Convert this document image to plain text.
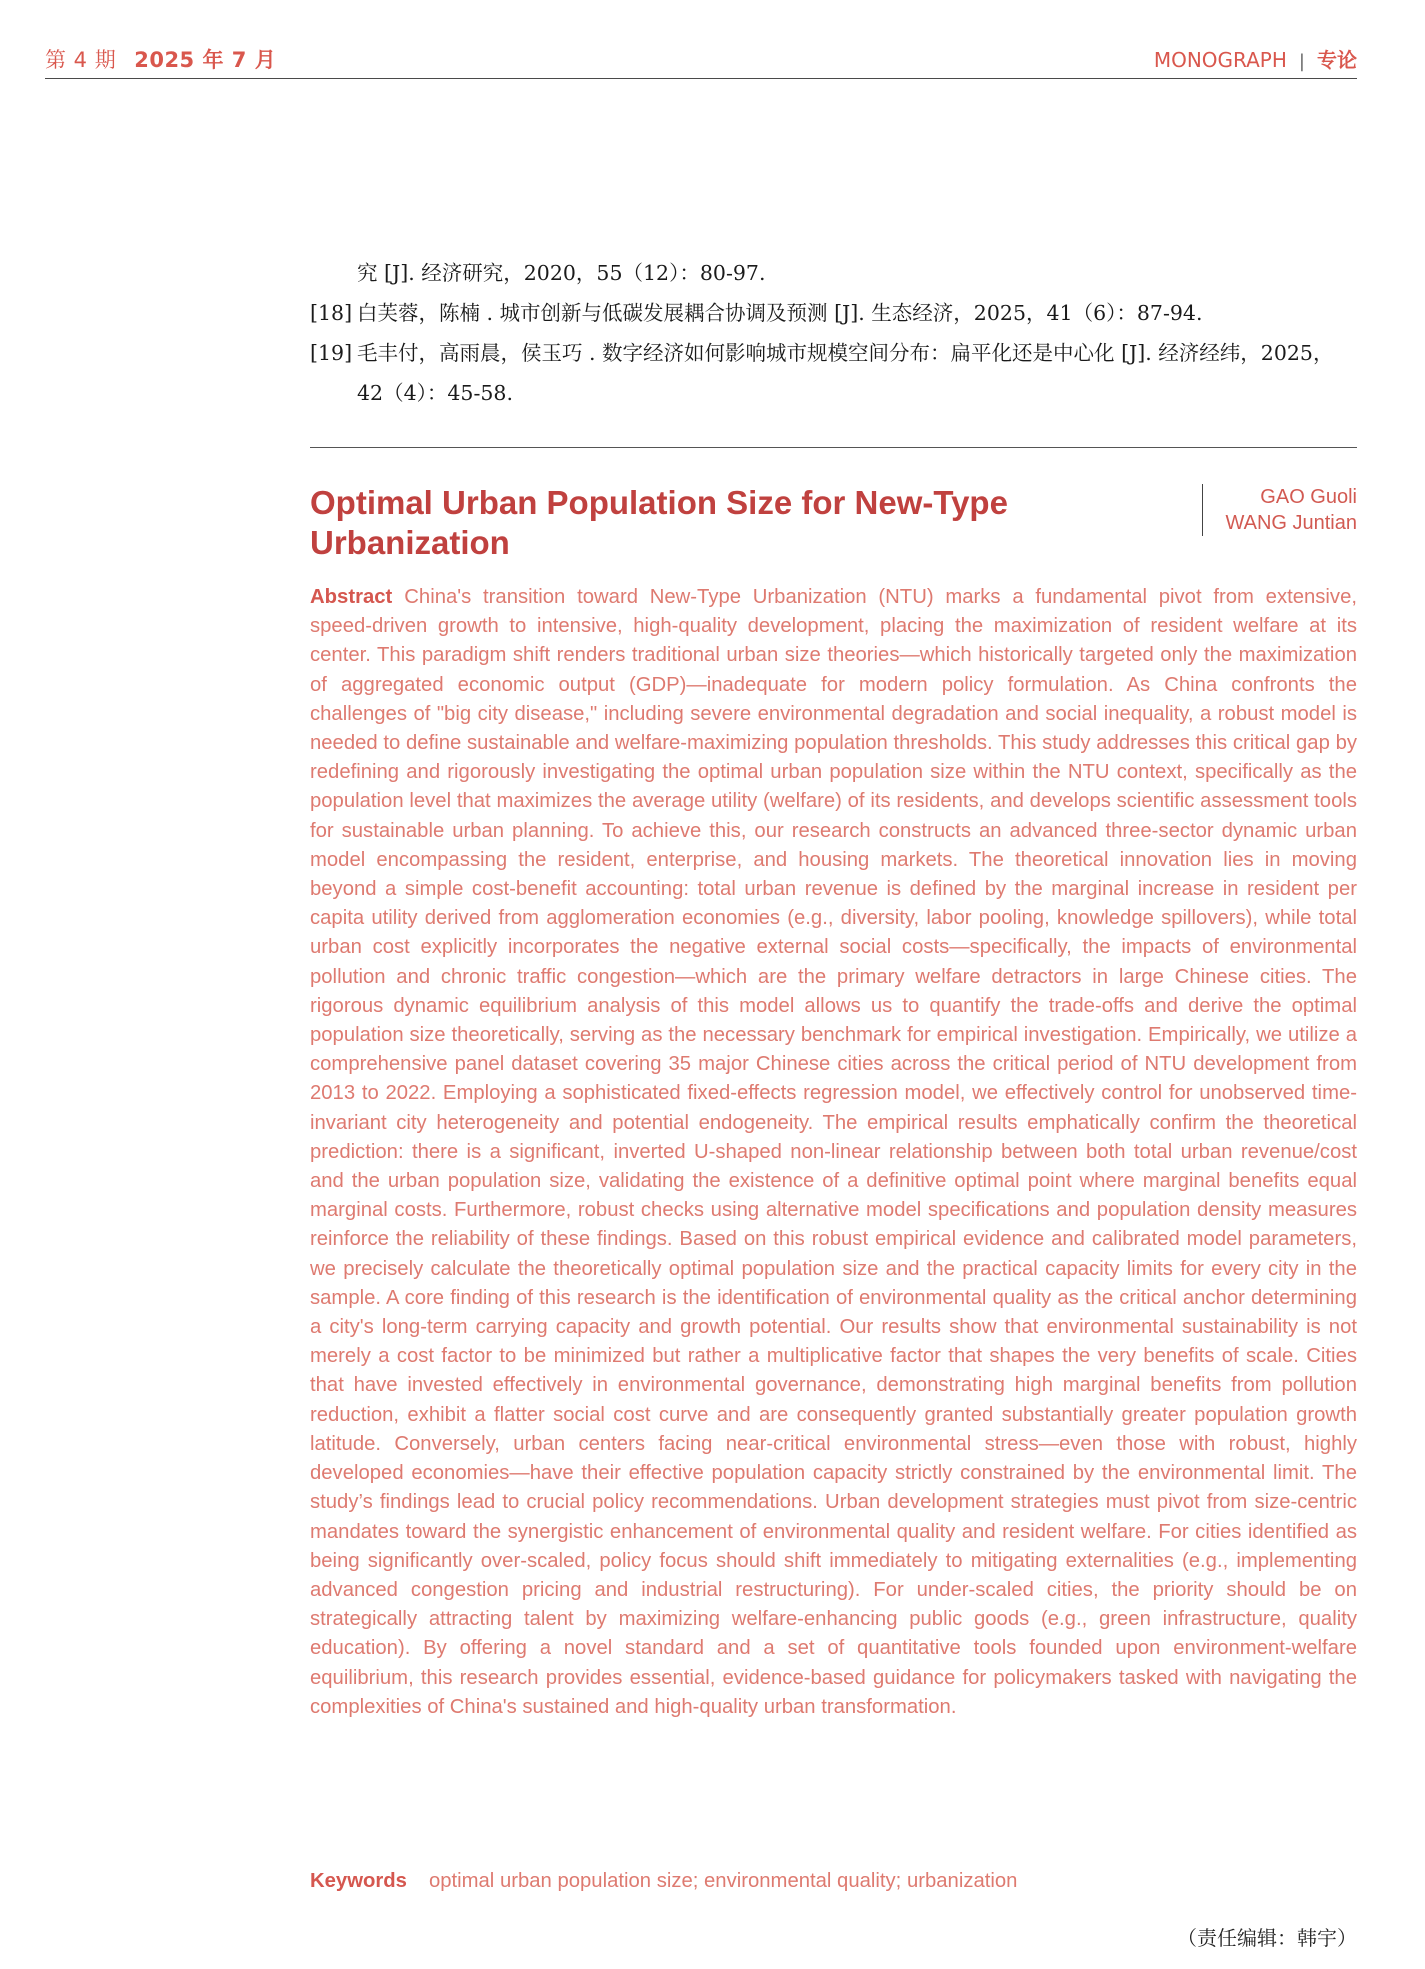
第 4 期 2025 年 7 月	MONOGRAPH | 专论
究 [J]. 经济研究，2020，55（12）：80-97.
[18] 白芙蓉，陈楠 . 城市创新与低碳发展耦合协调及预测 [J]. 生态经济，2025，41（6）：87-94.
[19] 毛丰付，高雨晨，侯玉巧 . 数字经济如何影响城市规模空间分布：扁平化还是中心化 [J]. 经济经纬，2025，42（4）：45-58.
Optimal Urban Population Size for New-Type Urbanization
GAO Guoli
WANG Juntian
Abstract China's transition toward New-Type Urbanization (NTU) marks a fundamental pivot from extensive, speed-driven growth to intensive, high-quality development, placing the maximization of resident welfare at its center. This paradigm shift renders traditional urban size theories—which historically targeted only the maximization of aggregated economic output (GDP)—inadequate for modern policy formulation. As China confronts the challenges of "big city disease," including severe environmental degradation and social inequality, a robust model is needed to define sustainable and welfare-maximizing population thresholds. This study addresses this critical gap by redefining and rigorously investigating the optimal urban population size within the NTU context, specifically as the population level that maximizes the average utility (welfare) of its residents, and develops scientific assessment tools for sustainable urban planning. To achieve this, our research constructs an advanced three-sector dynamic urban model encompassing the resident, enterprise, and housing markets. The theoretical innovation lies in moving beyond a simple cost-benefit accounting: total urban revenue is defined by the marginal increase in resident per capita utility derived from agglomeration economies (e.g., diversity, labor pooling, knowledge spillovers), while total urban cost explicitly incorporates the negative external social costs—specifically, the impacts of environmental pollution and chronic traffic congestion—which are the primary welfare detractors in large Chinese cities. The rigorous dynamic equilibrium analysis of this model allows us to quantify the trade-offs and derive the optimal population size theoretically, serving as the necessary benchmark for empirical investigation. Empirically, we utilize a comprehensive panel dataset covering 35 major Chinese cities across the critical period of NTU development from 2013 to 2022. Employing a sophisticated fixed-effects regression model, we effectively control for unobserved time-invariant city heterogeneity and potential endogeneity. The empirical results emphatically confirm the theoretical prediction: there is a significant, inverted U-shaped non-linear relationship between both total urban revenue/cost and the urban population size, validating the existence of a definitive optimal point where marginal benefits equal marginal costs. Furthermore, robust checks using alternative model specifications and population density measures reinforce the reliability of these findings. Based on this robust empirical evidence and calibrated model parameters, we precisely calculate the theoretically optimal population size and the practical capacity limits for every city in the sample. A core finding of this research is the identification of environmental quality as the critical anchor determining a city's long-term carrying capacity and growth potential. Our results show that environmental sustainability is not merely a cost factor to be minimized but rather a multiplicative factor that shapes the very benefits of scale. Cities that have invested effectively in environmental governance, demonstrating high marginal benefits from pollution reduction, exhibit a flatter social cost curve and are consequently granted substantially greater population growth latitude. Conversely, urban centers facing near-critical environmental stress—even those with robust, highly developed economies—have their effective population capacity strictly constrained by the environmental limit. The study’s findings lead to crucial policy recommendations. Urban development strategies must pivot from size-centric mandates toward the synergistic enhancement of environmental quality and resident welfare. For cities identified as being significantly over-scaled, policy focus should shift immediately to mitigating externalities (e.g., implementing advanced congestion pricing and industrial restructuring). For under-scaled cities, the priority should be on strategically attracting talent by maximizing welfare-enhancing public goods (e.g., green infrastructure, quality education). By offering a novel standard and a set of quantitative tools founded upon environment-welfare equilibrium, this research provides essential, evidence-based guidance for policymakers tasked with navigating the complexities of China's sustained and high-quality urban transformation.
Keywords optimal urban population size; environmental quality; urbanization
（责任编辑：韩宇）
